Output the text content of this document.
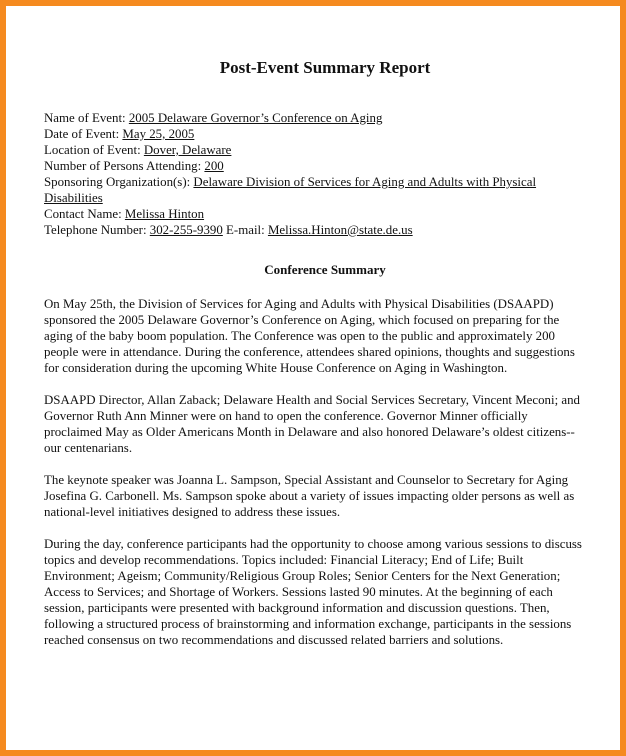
Post-Event Summary Report

Name of Event: 2005 Delaware Governor’s Conference on Aging

Date of Event: May 25, 2005

Location of Event: Dover, Delaware

Number of Persons Attending: 200

Sponsoring Organization(s): Delaware Division of Services for Aging and Adults with Physical
Disabilities

Contact Name: Melissa Hinton

Telephone Number: 302-255-9390 E-mail: Melissa.Hinton@state.de.us

Conference Summary

On May 25th, the Division of Services for Aging and Adults with Physical Disabilities (DSAAPD) sponsored the 2005 Delaware Governor’s Conference on Aging, which focused on preparing for the aging of the baby boom population. The Conference was open to the public and approximately 200 people were in attendance. During the conference, attendees shared opinions, thoughts and suggestions for consideration during the upcoming White House Conference on Aging in Washington.

DSAAPD Director, Allan Zaback; Delaware Health and Social Services Secretary, Vincent Meconi; and Governor Ruth Ann Minner were on hand to open the conference. Governor Minner officially proclaimed May as Older Americans Month in Delaware and also honored Delaware’s oldest citizens--our centenarians.

The keynote speaker was Joanna L. Sampson, Special Assistant and Counselor to Secretary for Aging Josefina G. Carbonell. Ms. Sampson spoke about a variety of issues impacting older persons as well as national-level initiatives designed to address these issues.

During the day, conference participants had the opportunity to choose among various sessions to discuss topics and develop recommendations. Topics included: Financial Literacy; End of Life; Built Environment; Ageism; Community/Religious Group Roles; Senior Centers for the Next Generation; Access to Services; and Shortage of Workers. Sessions lasted 90 minutes. At the beginning of each session, participants were presented with background information and discussion questions. Then, following a structured process of brainstorming and information exchange, participants in the sessions reached consensus on two recommendations and discussed related barriers and solutions.
